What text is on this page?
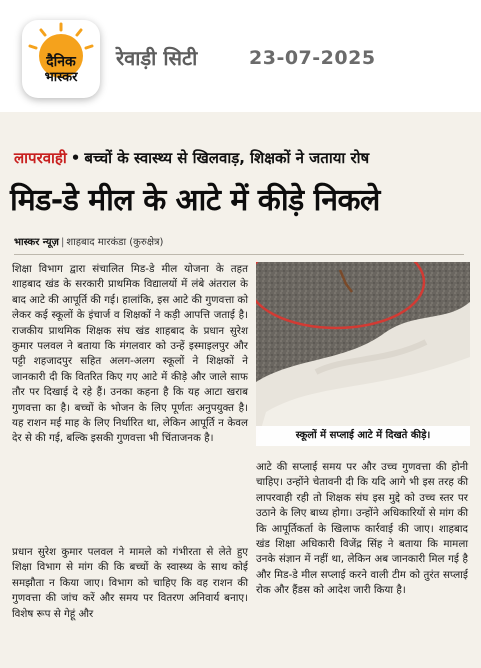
दैनिक
भास्कर
रेवाड़ी सिटी	23-07-2025
लापरवाही • बच्चों के स्वास्थ्य से खिलवाड़, शिक्षकों ने जताया रोष
मिड-डे मील के आटे में कीड़े निकले
भास्कर न्यूज़ | शाहबाद मारकंडा (कुरुक्षेत्र)

शिक्षा विभाग द्वारा संचालित मिड-डे मील योजना के तहत शाहबाद खंड के सरकारी प्राथमिक विद्यालयों में लंबे अंतराल के बाद आटे की आपूर्ति की गई। हालांकि, इस आटे की गुणवत्ता को लेकर कई स्कूलों के इंचार्ज व शिक्षकों ने कड़ी आपत्ति जताई है। राजकीय प्राथमिक शिक्षक संघ खंड शाहबाद के प्रधान सुरेश कुमार पलवल ने बताया कि मंगलवार को उन्हें इस्माइलपुर और पट्टी शहजादपुर सहित अलग-अलग स्कूलों ने शिक्षकों ने जानकारी दी कि वितरित किए गए आटे में कीड़े और जाले साफ तौर पर दिखाई दे रहे हैं। उनका कहना है कि यह आटा खराब गुणवत्ता का है। बच्चों के भोजन के लिए पूर्णतः अनुपयुक्त है। यह राशन मई माह के लिए निर्धारित था, लेकिन आपूर्ति न केवल देर से की गई, बल्कि इसकी गुणवत्ता भी चिंताजनक है।

प्रधान सुरेश कुमार पलवल ने मामले को गंभीरता से लेते हुए शिक्षा विभाग से मांग की कि बच्चों के स्वास्थ्य के साथ कोई समझौता न किया जाए। विभाग को चाहिए कि वह राशन की गुणवत्ता की जांच करें और समय पर वितरण अनिवार्य बनाए। विशेष रूप से गेहूं और

स्कूलों में सप्लाई आटे में दिखते कीड़े।

आटे की सप्लाई समय पर और उच्च गुणवत्ता की होनी चाहिए। उन्होंने चेतावनी दी कि यदि आगे भी इस तरह की लापरवाही रही तो शिक्षक संघ इस मुद्दे को उच्च स्तर पर उठाने के लिए बाध्य होगा। उन्होंने अधिकारियों से मांग की कि आपूर्तिकर्ता के खिलाफ कार्रवाई की जाए। शाहबाद खंड शिक्षा अधिकारी विजेंद्र सिंह ने बताया कि मामला उनके संज्ञान में नहीं था, लेकिन अब जानकारी मिल गई है और मिड-डे मील सप्लाई करने वाली टीम को तुरंत सप्लाई रोक और हैंडस को आदेश जारी किया है।
